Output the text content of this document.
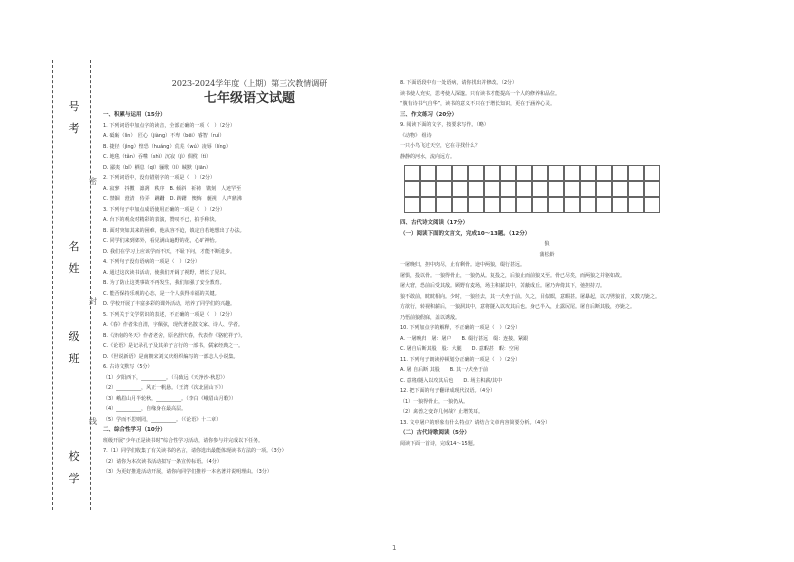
号
考
名
姓
级
班
校
学
密
封
线
2023-2024学年度（上期）第三次教情调研
七年级语文试题
一、积累与运用（15分）
1. 下列词语中加点字的读音，全部正确的一项（　）（2分）
A. 砥砺（lìn）　匠心（jiàng）不卑（bēi）睿智（ruì）
B. 捷径（jìng）惶恐（huáng）荒芜（wú）凌辱（líng）
C. 地毯（tǎn）吞噬（shì）沉寂（jì）倜傥（tì）
D. 鄙夷（bǐ）栖息（qī）骊歌（lí）缄默（jiān）
2. 下列词语中，没有错别字的一项是（　）（2分）
A. 寂寥　抖擞　凛冽　秩序　B. 倾斜　祈祷　镌刻　人迹罕至
C. 禁锢　澄清　侍弄　蹒跚　D. 踌躇　懊悔　藐视　人声鼎沸
3. 下列句子中加点成语使用正确的一项是（　）（2分）
A. 台下的观众对精彩的表演，赞叹不已，拍手称快。
B. 面对突如其来的困难，他从容不迫，镇定自若地想出了办法。
C. 同学们来到郊外，看见满山遍野的花，心旷神怡。
D. 我们在学习上应该学而不厌，不耻下问，才能不断进步。
4. 下列句子没有语病的一项是（　）（2分）
A. 通过这次读书活动，使我们开阔了视野，增长了见识。
B. 为了防止这类事故不再发生，我们加强了安全教育。
C. 能否保持乐观的心态，是一个人获得幸福的关键。
D. 学校开展了丰富多彩的课外活动，培养了同学们的兴趣。
5. 下列关于文学常识的表述，不正确的一项是（　）（2分）
A.《春》作者朱自清，字佩弦，现代著名散文家、诗人、学者。
B.《济南的冬天》作者老舍，原名舒庆春，代表作《骆驼祥子》。
C.《论语》是记录孔子及其弟子言行的一部书，儒家经典之一。
D.《世说新语》是南朝宋刘义庆组织编写的一部志人小说集。
6. 古诗文默写（5分）
（1）夕阳西下，__________。（马致远《天净沙·秋思》）
（2）__________，风正一帆悬。（王湾《次北固山下》）
（3）峨眉山月半轮秋，__________。（李白《峨眉山月歌》）
（4）__________，自缘身在最高层。
（5）学而不思则罔，__________。（《论语》十二章）
二、综合性学习（10分）
班级开展“少年正是读书时”综合性学习活动，请你参与并完成以下任务。
7.（1）同学们收集了有关读书的名言，请你选出最能体现读书方法的一项。（3分）
（2）请你为本次读书活动拟写一条宣传标语。（4分）
（3）为更好推进活动开展，请你向同学们推荐一本名著并说明理由。（3分）
8. 下面语段中有一处语病，请你找出并修改。（2分）
读书使人充实，思考使人深邃。只有读书才能提高一个人的修养和品位。
“腹有诗书气自华”，读书的意义不只在于增长知识，更在于涵养心灵。
三、作文练习（20分）
9. 阅读下面的文字，按要求写作。（略）
《动物》 组诗
一只小鸟飞过天空，它在寻找什么？
静静的河水，流向远方。
四、古代诗文阅读（17分）
（一）阅读下面的文言文，完成10～13题。（12分）
狼
蒲松龄
一屠晚归，担中肉尽，止有剩骨。途中两狼，缀行甚远。
屠惧，投以骨。一狼得骨止，一狼仍从。复投之，后狼止而前狼又至。骨已尽矣，而两狼之并驱如故。
屠大窘，恐前后受其敌。顾野有麦场，场主积薪其中，苫蔽成丘。屠乃奔倚其下，弛担持刀。
狼不敢前，眈眈相向。少时，一狼径去，其一犬坐于前。久之，目似瞑，意暇甚。屠暴起，以刀劈狼首，又数刀毙之。
方欲行，转视积薪后，一狼洞其中，意将隧入以攻其后也。身已半入，止露尻尾。屠自后断其股，亦毙之。
乃悟前狼假寐，盖以诱敌。
10. 下列加点字的解释，不正确的一项是（　）（2分）
A. 一屠晚归　屠：屠户　　B. 缀行甚远　缀：连接，紧跟
C. 屠自后断其股　股：大腿　　D. 意暇甚　暇：空闲
11. 下列句子朗读停顿划分正确的一项是（　）（2分）
A. 屠 自后断 其股　　B. 其一/犬坐于前
C. 意将/隧入以攻其后也　　D. 场主积薪/其中
12. 把下面的句子翻译成现代汉语。（4分）
（1）一狼得骨止，一狼仍从。
（2）禽兽之变诈几何哉？止增笑耳。
13. 文中屠户的形象有什么特点？请结合文章内容简要分析。（4分）
（二）古代诗歌阅读（5分）
阅读下面一首诗，完成14～15题。
1
